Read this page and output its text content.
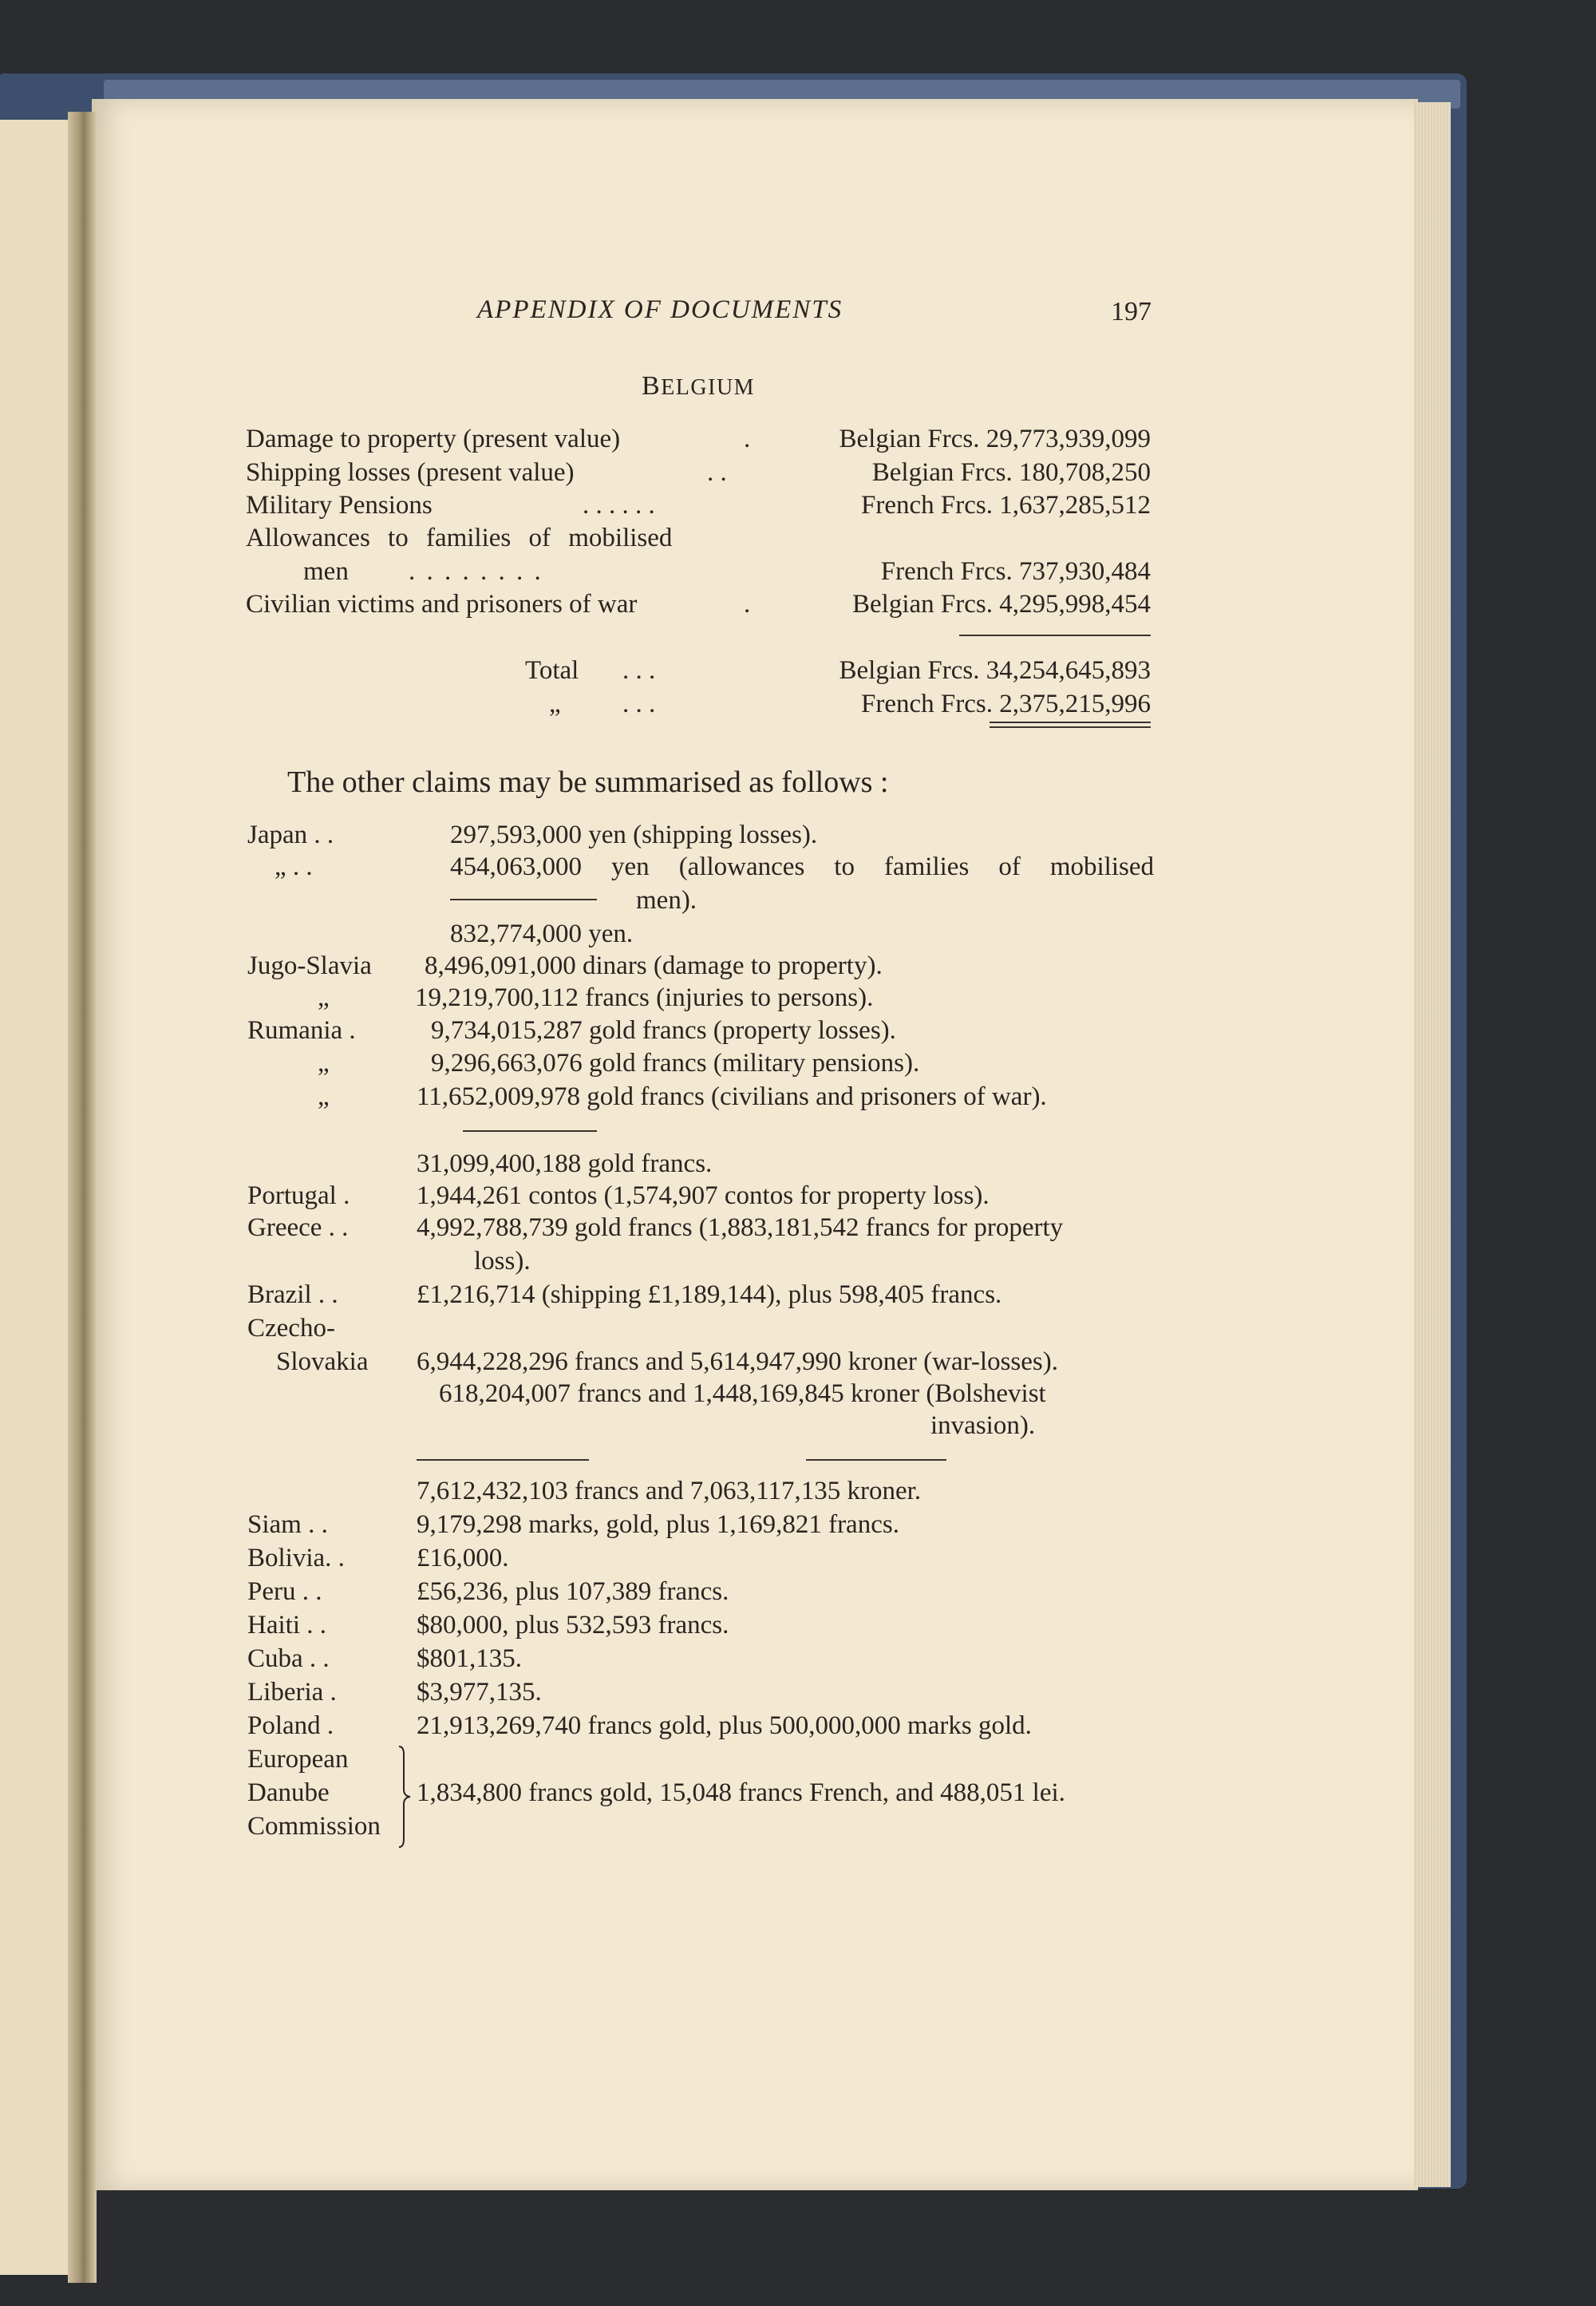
APPENDIX OF DOCUMENTS	197
BELGIUM
Damage to property (present value)	.	Belgian Frcs. 29,773,939,099
Shipping losses (present value)	. .	Belgian Frcs. 180,708,250
Military Pensions	. . . . . .	French Frcs. 1,637,285,512
Allowances to families of mobilised
men . . . . . . . .	French Frcs. 737,930,484
Civilian victims and prisoners of war	.	Belgian Frcs. 4,295,998,454
Total . . .	Belgian Frcs. 34,254,645,893
„ . . .	French Frcs. 2,375,215,996
The other claims may be summarised as follows :
Japan . .	297,593,000 yen (shipping losses).
„ . .	454,063,000 yen (allowances to families of mobilised
men).
832,774,000 yen.
Jugo-Slavia 8,496,091,000 dinars (damage to property).
„	19,219,700,112 francs (injuries to persons).
Rumania .	9,734,015,287 gold francs (property losses).
„	9,296,663,076 gold francs (military pensions).
„	11,652,009,978 gold francs (civilians and prisoners of war).
31,099,400,188 gold francs.
Portugal .	1,944,261 contos (1,574,907 contos for property loss).
Greece . .	4,992,788,739 gold francs (1,883,181,542 francs for property
loss).
Brazil . .	£1,216,714 (shipping £1,189,144), plus 598,405 francs.
Czecho-
Slovakia 6,944,228,296 francs and 5,614,947,990 kroner (war-losses).
618,204,007 francs and 1,448,169,845 kroner (Bolshevist
invasion).
7,612,432,103 francs and 7,063,117,135 kroner.
Siam . .	9,179,298 marks, gold, plus 1,169,821 francs.
Bolivia. .	£16,000.
Peru . .	£56,236, plus 107,389 francs.
Haiti . .	$80,000, plus 532,593 francs.
Cuba . .	$801,135.
Liberia .	$3,977,135.
Poland .	21,913,269,740 francs gold, plus 500,000,000 marks gold.
European
Danube
Commission
1,834,800 francs gold, 15,048 francs French, and 488,051 lei.
